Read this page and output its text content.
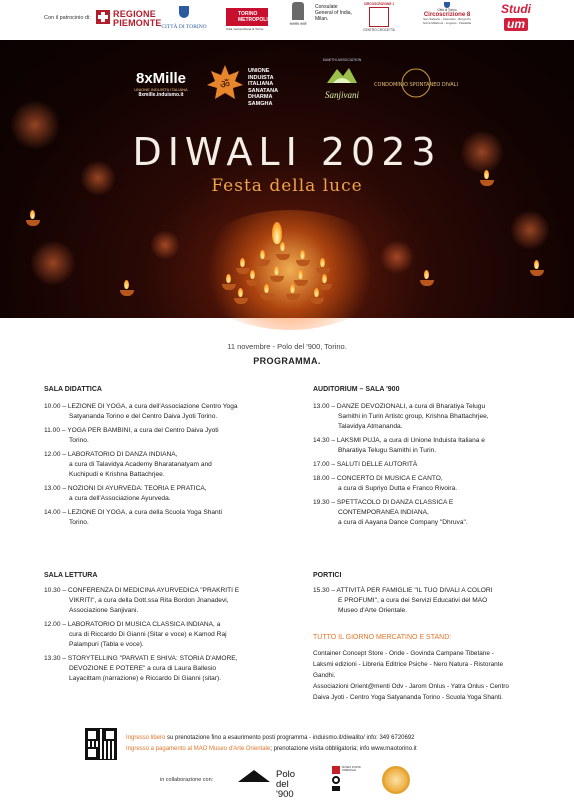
Con il patrocinio di: REGIONE
PIEMONTE CITTÀ DI TORINO
TORINO METROPOLI
Città metropolitana di Torino
सत्यमेव जयते
Consulate General of India, Milan.
CIRCOSCRIZIONE 1
CENTRO CROCETTA
Città di Torino
Circoscrizione 8
San Salvario - Cavoretto - Borgo Po Nizza Millefonti - Lingotto - Filadelfia
Studi
um
8xMille
UNIONE INDUISTA ITALIANA
8xmille.induismo.it
ॐ
UNIONE
INDUISTA
ITALIANA
SANATANA
DHARMA
SAMGHA
SAMITHI ASSOCIATION
Sanjivani
CONDOMINIO SPONTANEO DIVALI
DIWALI 2023
Festa della luce
11 novembre - Polo del '900, Torino.
PROGRAMMA.
SALA DIDATTICA
10.00 – LEZIONE DI YOGA, a cura dell'Associazione Centro Yoga
Satyananda Torino e del Centro Daiva Jyoti Torino.
11.00 – YOGA PER BAMBINI, a cura del Centro Daiva Jyoti
Torino.
12.00 – LABORATORIO DI DANZA INDIANA,
a cura di Talavidya Academy Bharatanatyam and
Kuchipudi e Krishna Battachrjee.
13.00 – NOZIONI DI AYURVEDA: TEORIA E PRATICA,
a cura dell'Associazione Ayurveda.
14.00 – LEZIONE DI YOGA, a cura della Scuola Yoga Shanti
Torino.
SALA LETTURA
10.30 – CONFERENZA DI MEDICINA AYURVEDICA "PRAKRITI E
VIKRITI", a cura della Dott.ssa Rita Bordon Jnanadevi,
Associazione Sanjivani.
12.00 – LABORATORIO DI MUSICA CLASSICA INDIANA, a
cura di Riccardo Di Gianni (Sitar e voce) e Kamod Raj
Palampuri (Tabla e voce).
13.30 – STORYTELLING "PARVATI E SHIVA: STORIA D'AMORE,
DEVOZIONE E POTERE" a cura di Laura Ballesio
Layacittam (narrazione) e Riccardo Di Gianni (sitar).
AUDITORIUM – SALA '900
13.00 – DANZE DEVOZIONALI, a cura di Bharatiya Telugu
Samithi in Turin Artistc group, Krishna Bhattachrjee,
Talavidya Atmananda.
14.30 – LAKSMI PUJA, a cura di Unione Induista Italiana e
Bharatiya Telugu Samithi in Turin.
17.00 – SALUTI DELLE AUTORITÀ
18.00 – CONCERTO DI MUSICA E CANTO,
a cura di Supriyo Dutta e Franco Rivoira.
19.30 – SPETTACOLO DI DANZA CLASSICA E
CONTEMPORANEA INDIANA,
a cura di Aayana Dance Company "Dhruva".
PORTICI
15.30 – ATTIVITÀ PER FAMIGLIE "IL TUO DIVALI A COLORI
E PROFUMI", a cura dei Servizi Educativi del MAO
Museo d'Arte Orientale.
TUTTO IL GIORNO MERCATINO E STAND:
Container Concept Store - Onde - Govinda Campane Tibetane -
Laksmi edizioni - Libreria Editrice Psiche - Nero Natura - Ristorante
Gandhi.
Associazioni Orient@menti Odv - Jarom Onlus - Yatra Onlus - Centro
Daiva Jyoti - Centro Yoga Satyananda Torino - Scuola Yoga Shanti.
Ingresso libero su prenotazione fino a esaurimento posti programma - induismo.it/diwalito/ info: 349 6720692
Ingresso a pagamento al MAO Museo d'Arte Orientale; prenotazione visita obbligatoria; info www.maotorino.it
in collaborazione con:	Polo
del '900
MUSEO D'ARTE ORIENTALE
